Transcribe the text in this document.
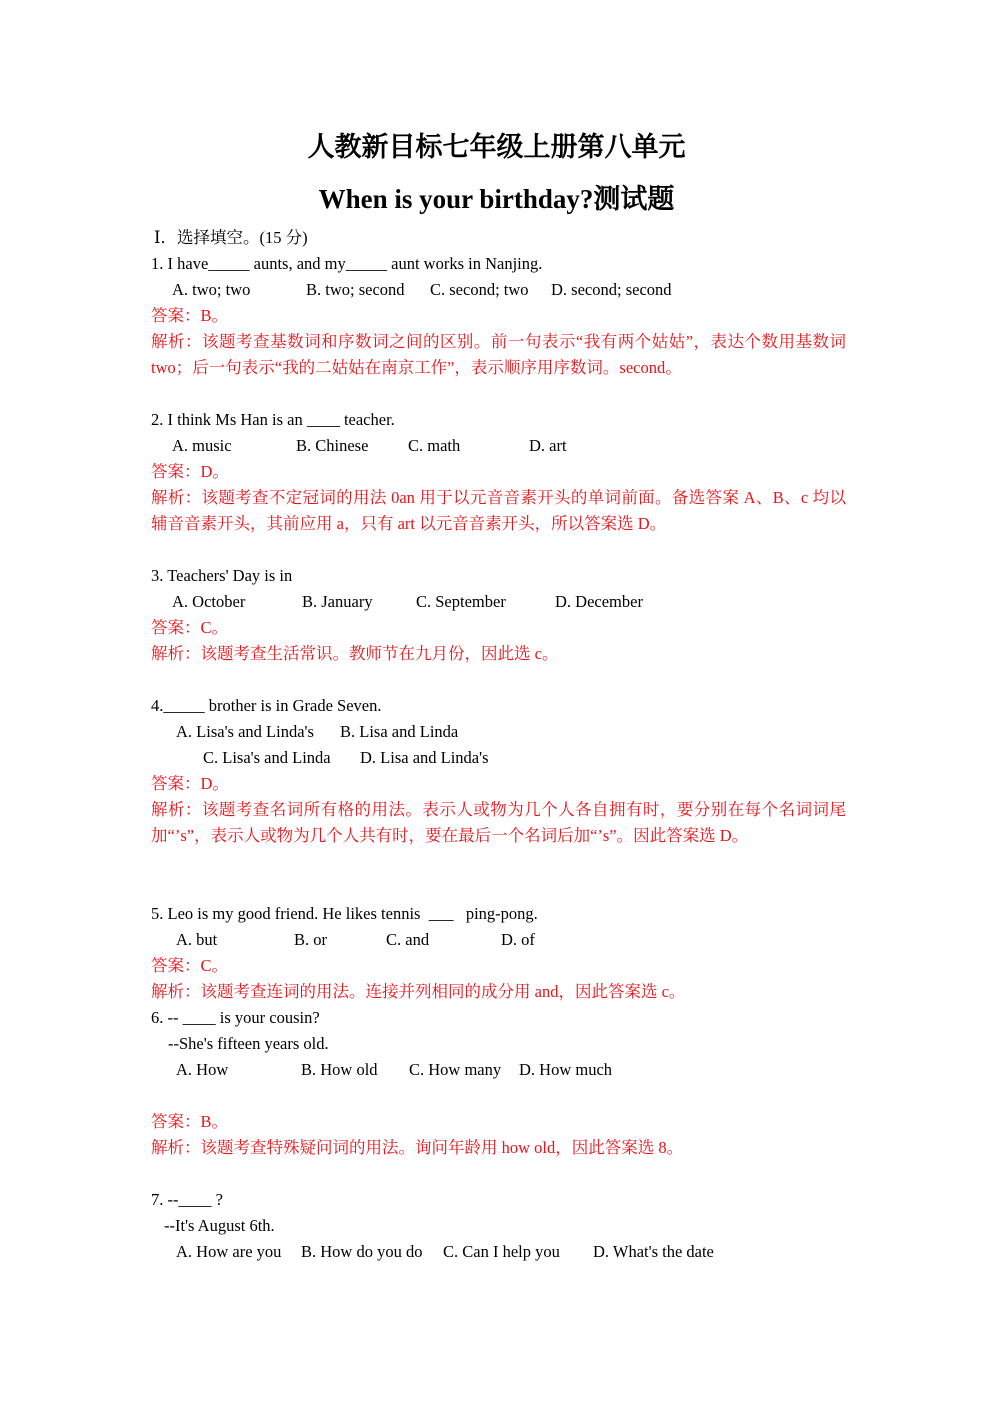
人教新目标七年级上册第八单元
When is your birthday?测试题
Ⅰ．选择填空。(15 分)
1. I have_____ aunts, and my_____ aunt works in Nanjing.
A. two; two	B. two; second C. second; two D. second; second
答案：B。
解析：该题考查基数词和序数词之间的区别。前一句表示“我有两个姑姑”，表达个数用基数词two；后一句表示“我的二姑姑在南京工作”，表示顺序用序数词。second。
2. I think Ms Han is an ____ teacher.
A. music	B. Chinese C. math	D. art
答案：D。
解析：该题考查不定冠词的用法 0an 用于以元音音素开头的单词前面。备选答案 A、B、c 均以辅音音素开头，其前应用 a，只有 art 以元音音素开头，所以答案选 D。
3. Teachers' Day is in
A. October	B. January	C. September	D. December
答案：C。
解析：该题考查生活常识。教师节在九月份，因此选 c。
4._____ brother is in Grade Seven.
A. Lisa's and Linda's B. Lisa and Linda
C. Lisa's and Linda D. Lisa and Linda's
答案：D。
解析：该题考查名词所有格的用法。表示人或物为几个人各自拥有时，要分别在每个名词词尾加“’s”，表示人或物为几个人共有时，要在最后一个名词后加“’s”。因此答案选 D。
5. Leo is my good friend. He likes tennis  ___   ping-pong.
A. but	B. or	C. and	D. of
答案：C。
解析：该题考查连词的用法。连接并列相同的成分用 and，因此答案选 c。
6. -- ____ is your cousin?
--She's fifteen years old.
A. How	B. How old C. How many D. How much
答案：B。
解析：该题考查特殊疑问词的用法。询问年龄用 how old，因此答案选 8。
7. --____ ?
--It's August 6th.
A. How are you B. How do you do C. Can I help you D. What's the date
